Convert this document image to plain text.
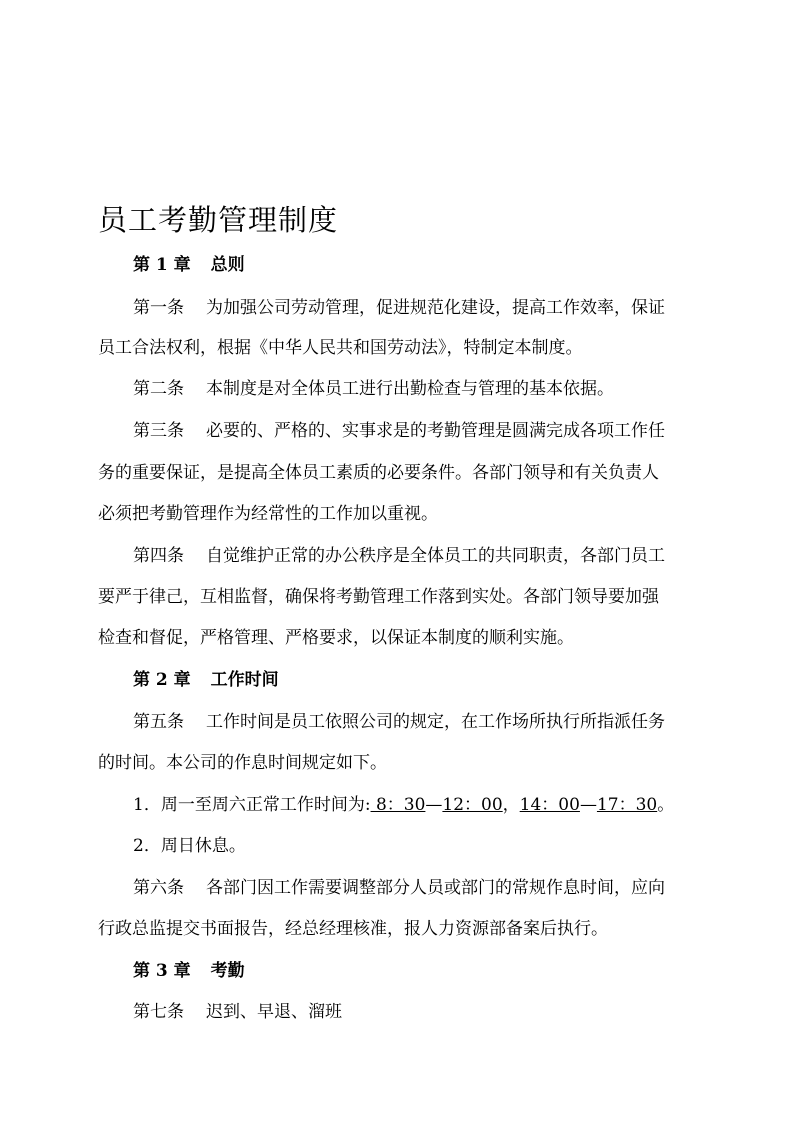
员工考勤管理制度
第 1 章 总则
第一条 为加强公司劳动管理，促进规范化建设，提高工作效率，保证
员工合法权利，根据《中华人民共和国劳动法》，特制定本制度。
第二条 本制度是对全体员工进行出勤检查与管理的基本依据。
第三条 必要的、严格的、实事求是的考勤管理是圆满完成各项工作任
务的重要保证，是提高全体员工素质的必要条件。各部门领导和有关负责人
必须把考勤管理作为经常性的工作加以重视。
第四条 自觉维护正常的办公秩序是全体员工的共同职责，各部门员工
要严于律己，互相监督，确保将考勤管理工作落到实处。各部门领导要加强
检查和督促，严格管理、严格要求，以保证本制度的顺利实施。
第 2 章 工作时间
第五条 工作时间是员工依照公司的规定，在工作场所执行所指派任务
的时间。本公司的作息时间规定如下。
1．周一至周六正常工作时间为: 8：30—12：00，14：00—17：30。
2．周日休息。
第六条 各部门因工作需要调整部分人员或部门的常规作息时间，应向
行政总监提交书面报告，经总经理核准，报人力资源部备案后执行。
第 3 章 考勤
第七条 迟到、早退、溜班
